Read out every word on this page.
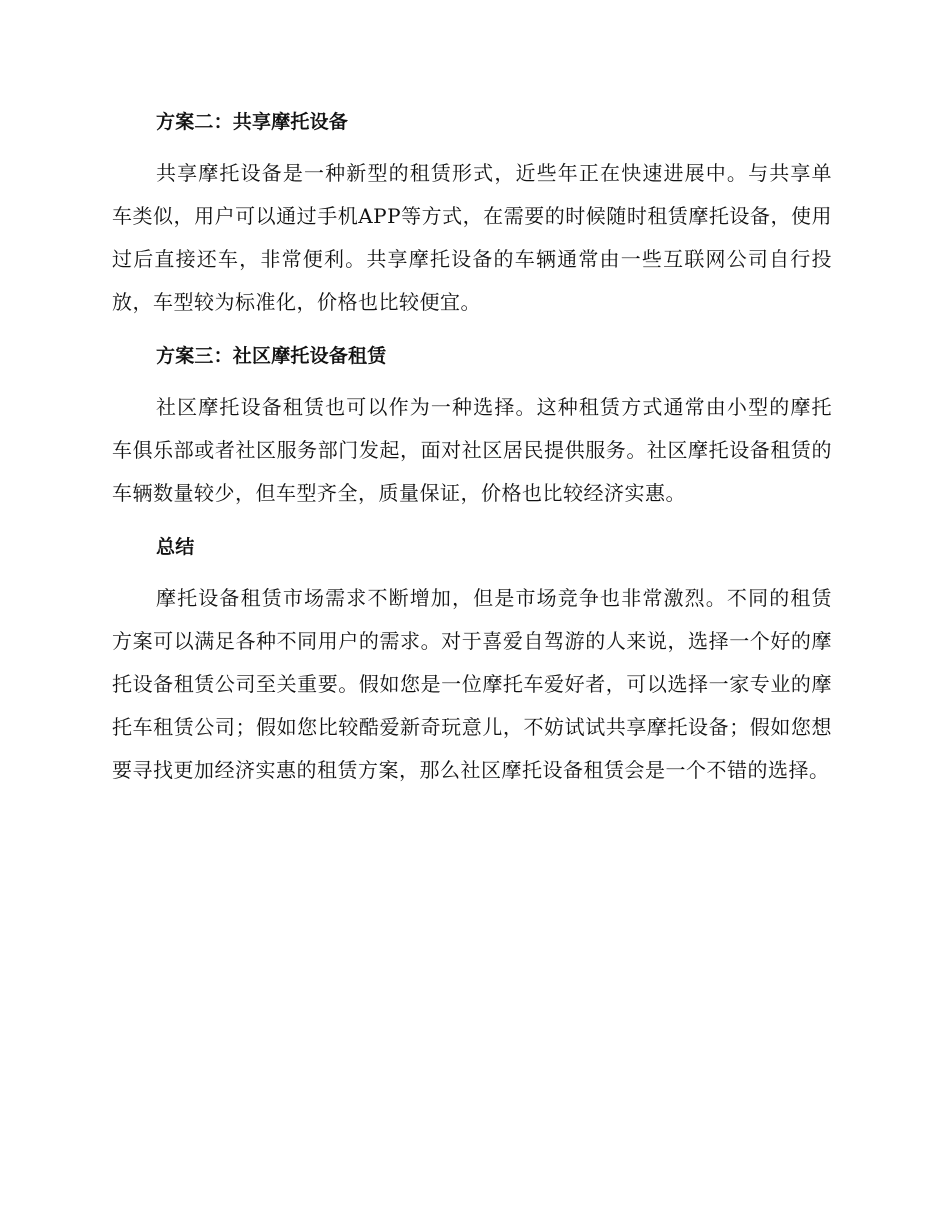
方案二：共享摩托设备

共享摩托设备是一种新型的租赁形式，近些年正在快速进展中。与共享单车类似，用户可以通过手机APP等方式，在需要的时候随时租赁摩托设备，使用过后直接还车，非常便利。共享摩托设备的车辆通常由一些互联网公司自行投放，车型较为标准化，价格也比较便宜。

方案三：社区摩托设备租赁

社区摩托设备租赁也可以作为一种选择。这种租赁方式通常由小型的摩托车俱乐部或者社区服务部门发起，面对社区居民提供服务。社区摩托设备租赁的车辆数量较少，但车型齐全，质量保证，价格也比较经济实惠。

总结

摩托设备租赁市场需求不断增加，但是市场竞争也非常激烈。不同的租赁方案可以满足各种不同用户的需求。对于喜爱自驾游的人来说，选择一个好的摩托设备租赁公司至关重要。假如您是一位摩托车爱好者，可以选择一家专业的摩托车租赁公司；假如您比较酷爱新奇玩意儿，不妨试试共享摩托设备；假如您想要寻找更加经济实惠的租赁方案，那么社区摩托设备租赁会是一个不错的选择。
